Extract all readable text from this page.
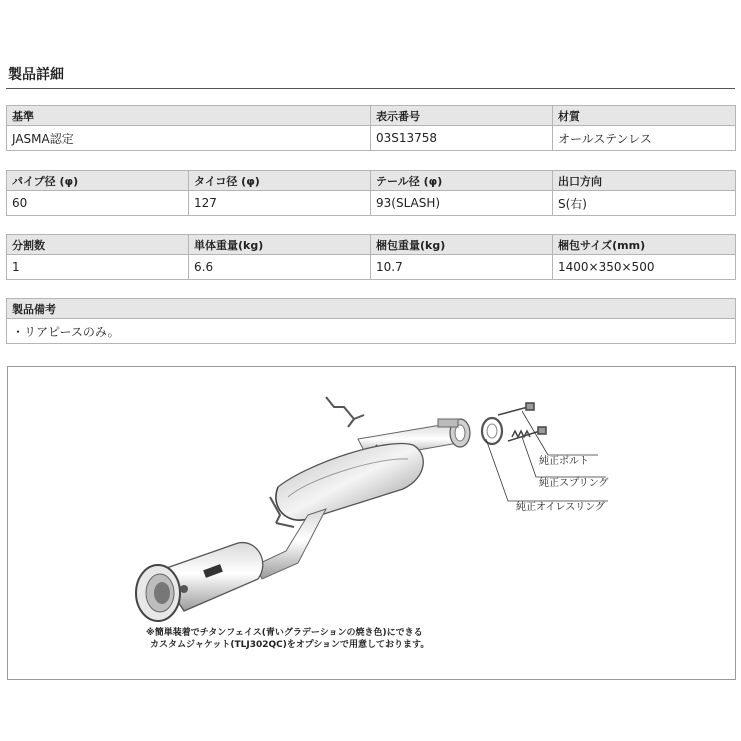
製品詳細
基準	表示番号	材質
JASMA認定	03S13758	オールステンレス
パイプ径 (φ)	タイコ径 (φ)	テール径 (φ)	出口方向
60	127	93(SLASH)	S(右)
分割数	単体重量(kg)	梱包重量(kg)	梱包サイズ(mm)
1	6.6	10.7	1400×350×500
製品備考
・リアピースのみ。
純正ボルト
純正スプリング
純正オイレスリング
※簡単装着でチタンフェイス(青いグラデーションの焼き色)にできる
カスタムジャケット(TLJ302QC)をオプションで用意しております。
